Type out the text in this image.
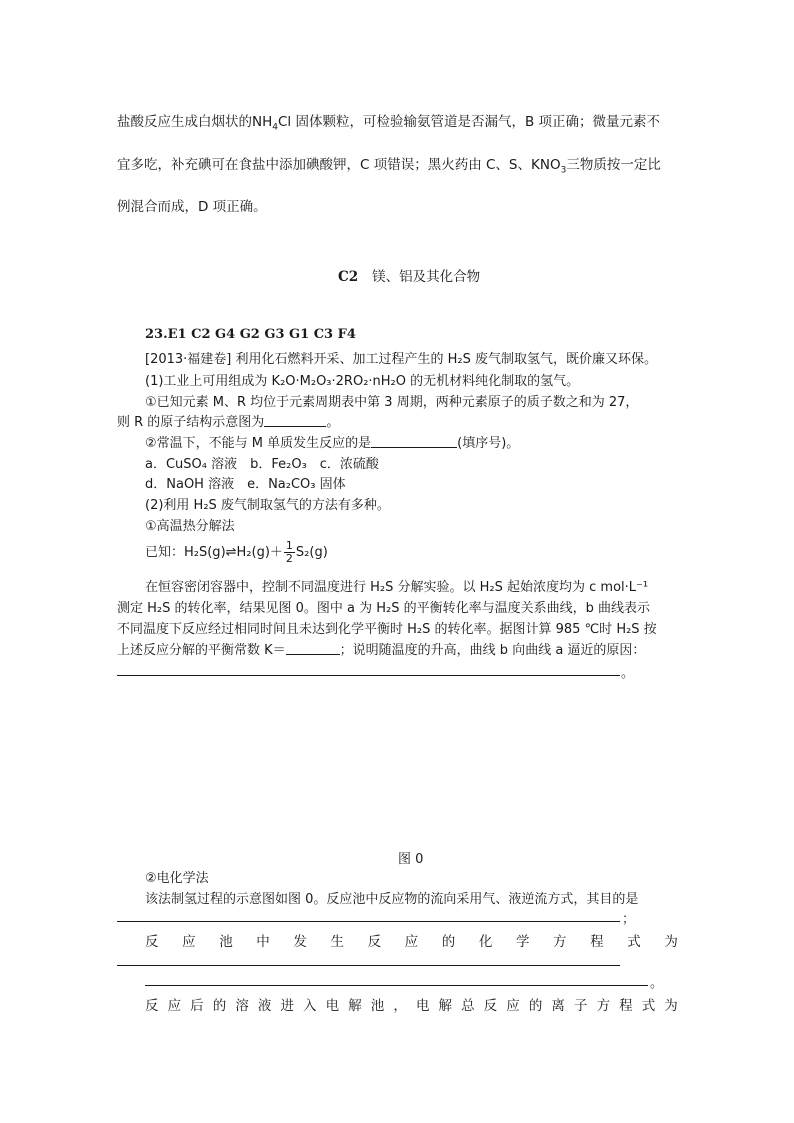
盐酸反应生成白烟状的$NH_4Cl$ 固体颗粒，可检验输氨管道是否漏气，B 项正确；微量元素不
宜多吃，补充碘可在食盐中添加碘酸钾，C 项错误；黑火药由 C、S、$KNO_3$三物质按一定比
例混合而成，D 项正确。
C2 镁、铝及其化合物
23.E1 C2 G4 G2 G3 G1 C3 F4
[2013·福建卷] 利用化石燃料开采、加工过程产生的 H₂S 废气制取氢气，既价廉又环保。
(1)工业上可用组成为 K₂O·M₂O₃·2RO₂·nH₂O 的无机材料纯化制取的氢气。
①已知元素 M、R 均位于元素周期表中第 3 周期，两种元素原子的质子数之和为 27，
则 R 的原子结构示意图为	。
②常温下，不能与 M 单质发生反应的是	(填序号)。
a．CuSO₄ 溶液　b．Fe₂O₃　c．浓硫酸
d．NaOH 溶液　e．Na₂CO₃ 固体
(2)利用 H₂S 废气制取氢气的方法有多种。
①高温热分解法
已知：H₂S(g)⇌H₂(g)＋ $\frac{1}{2} S_2(g)$
在恒容密闭容器中，控制不同温度进行 H₂S 分解实验。以 H₂S 起始浓度均为 c mol·L⁻¹
测定 H₂S 的转化率，结果见图 0。图中 a 为 H₂S 的平衡转化率与温度关系曲线，b 曲线表示
不同温度下反应经过相同时间且未达到化学平衡时 H₂S 的转化率。据图计算 985 ℃时 H₂S 按
上述反应分解的平衡常数 K＝	；说明随温度的升高，曲线 b 向曲线 a 逼近的原因：
。
图 0
②电化学法
该法制氢过程的示意图如图 0。反应池中反应物的流向采用气、液逆流方式，其目的是
；
反 应 池 中 发 生 反 应 的 化 学 方 程 式 为
。
反 应 后 的 溶 液 进 入 电 解 池 ， 电 解 总 反 应 的 离 子 方 程 式 为
